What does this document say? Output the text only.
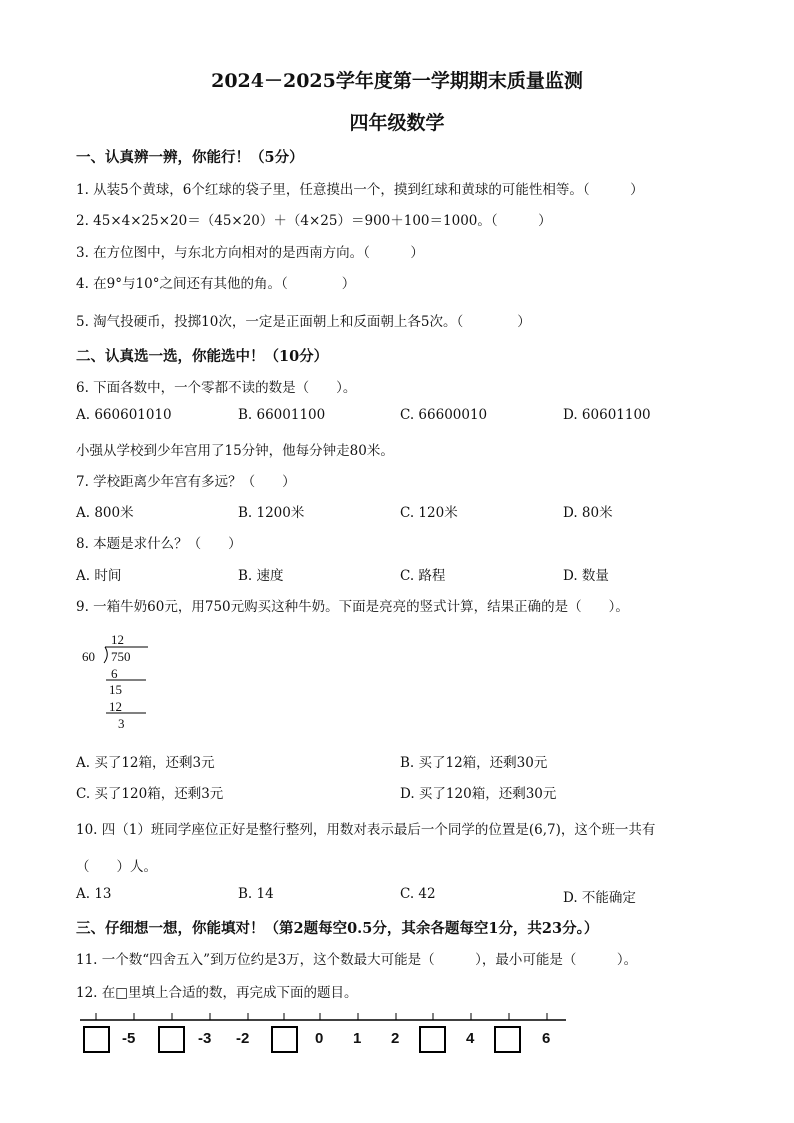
2024－2025学年度第一学期期末质量监测
四年级数学
一、认真辨一辨，你能行！（5分）
1. 从装5个黄球，6个红球的袋子里，任意摸出一个，摸到红球和黄球的可能性相等。（　　　）
2. 45×4×25×20＝（45×20）＋（4×25）＝900＋100＝1000。（　　　）
3. 在方位图中，与东北方向相对的是西南方向。（　　　）
4. 在9°与10°之间还有其他的角。（　　　　）
5. 淘气投硬币，投掷10次，一定是正面朝上和反面朝上各5次。（　　　　）
二、认真选一选，你能选中！（10分）
6. 下面各数中，一个零都不读的数是（　　）。
A. 660601010	B. 66001100	C. 66600010	D. 60601100
小强从学校到少年宫用了15分钟，他每分钟走80米。
7. 学校距离少年宫有多远？（　　）
A. 800米	B. 1200米	C. 120米	D. 80米
8. 本题是求什么？（　　）
A. 时间	B. 速度	C. 路程	D. 数量
9. 一箱牛奶60元，用750元购买这种牛奶。下面是亮亮的竖式计算，结果正确的是（　　）。
12
60 750
6
15
12
3
A. 买了12箱，还剩3元	B. 买了12箱，还剩30元
C. 买了120箱，还剩3元	D. 买了120箱，还剩30元
10. 四（1）班同学座位正好是整行整列，用数对表示最后一个同学的位置是(6,7)，这个班一共有
（　　）人。
A. 13	B. 14	C. 42	D. 不能确定
三、仔细想一想，你能填对！（第2题每空0.5分，其余各题每空1分，共23分。）
11. 一个数“四舍五入”到万位约是3万，这个数最大可能是（　　　），最小可能是（　　　）。
12. 在□里填上合适的数，再完成下面的题目。
-5	-3 -2	0 1 2	4	6
